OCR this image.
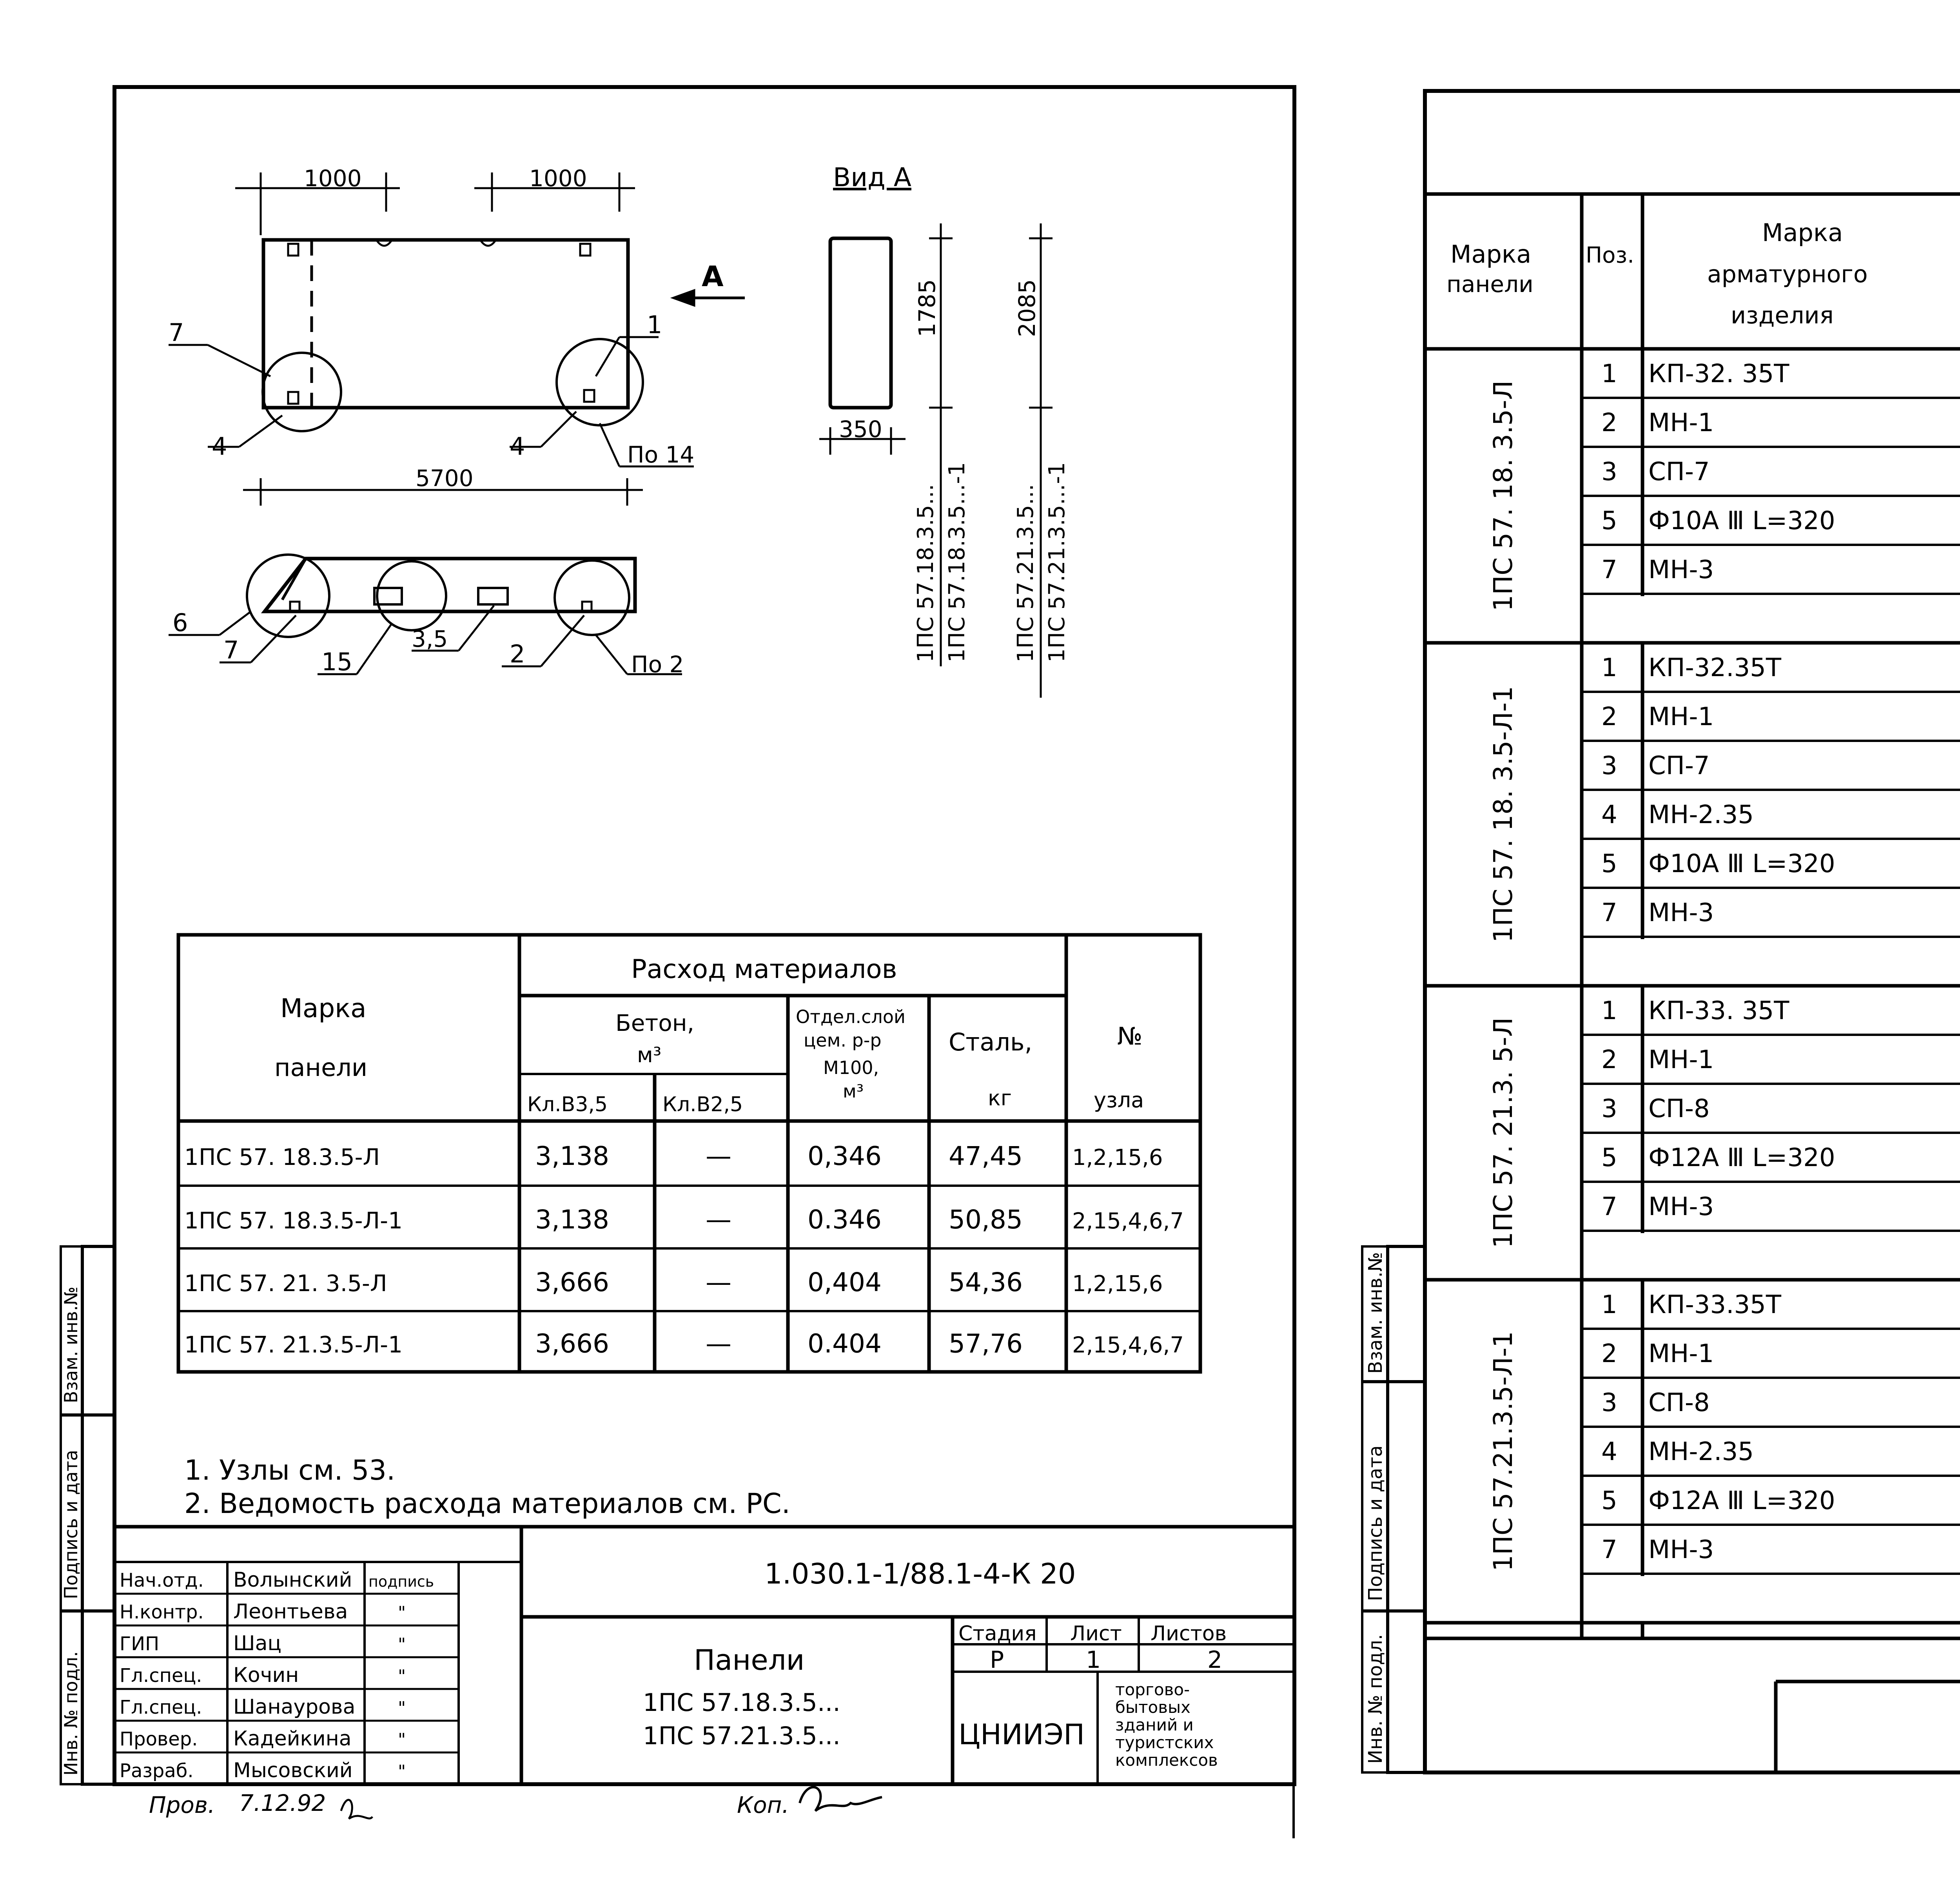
1000	1000
5700
A
7
4
1
4	По 14
6
7	15
3,5
2	По 2
Вид А
350
1785	2085
1ПС 57.18.3.5... 1ПС 57.18.3.5...-1 1ПС 57.21.3.5... 1ПС 57.21.3.5...-1
Марка
панели
Расход материалов
Бетон,
м³
Кл.В3,5	Кл.В2,5
Отдел.слой
цем. р-р
М100,
м³
Сталь,
кг
№
узла
1ПС 57. 18.3.5-Л	3,138	—	0,346	47,45 1,2,15,6
1ПС 57. 18.3.5-Л-1	3,138	—	0.346	50,85 2,15,4,6,7
1ПС 57. 21. 3.5-Л	3,666	—	0,404	54,36 1,2,15,6
1ПС 57. 21.3.5-Л-1	3,666	—	0.404	57,76 2,15,4,6,7
1. Узлы см. 53.
2. Ведомость расхода материалов см. РС.
Инв. № подл.
Подпись и дата
Взам. инв.№
Нач.отд. Волынский подпись
Н.контр. Леонтьева	"
ГИП	Шац	"
Гл.спец. Кочин	"
Гл.спец. Шанаурова "
Провер. Кадейкина	"
Разраб. Мысовский	"
1.030.1-1/88.1-4-К 20
Панели
1ПС 57.18.3.5...
1ПС 57.21.3.5...
Стадия Лист Листов
Р	1	2
ЦНИИЭП
торгово-
бытовых
зданий и
туристских
комплексов
Пров. 7.12.92	Коп.
Марка
панели
Поз.
Марка
арматурного
изделия
1 КП-32. 35Т
2 МН-1
3 СП-7
5 Ф10А Ⅲ L=320
7 МН-3
1ПС 57. 18. 3.5-Л
1 КП-32.35Т
2 МН-1
3 СП-7
4 МН-2.35
5 Ф10А Ⅲ L=320
7 МН-3
1ПС 57. 18. 3.5-Л-1
1 КП-33. 35Т
2 МН-1
3 СП-8
5 Ф12А Ⅲ L=320
7 МН-3
1ПС 57. 21.3. 5-Л
1 КП-33.35Т
2 МН-1
3 СП-8
4 МН-2.35
5 Ф12А Ⅲ L=320
7 МН-3
1ПС 57.21.3.5-Л-1
Инв. № подл.
Подпись и дата
Взам. инв.№
